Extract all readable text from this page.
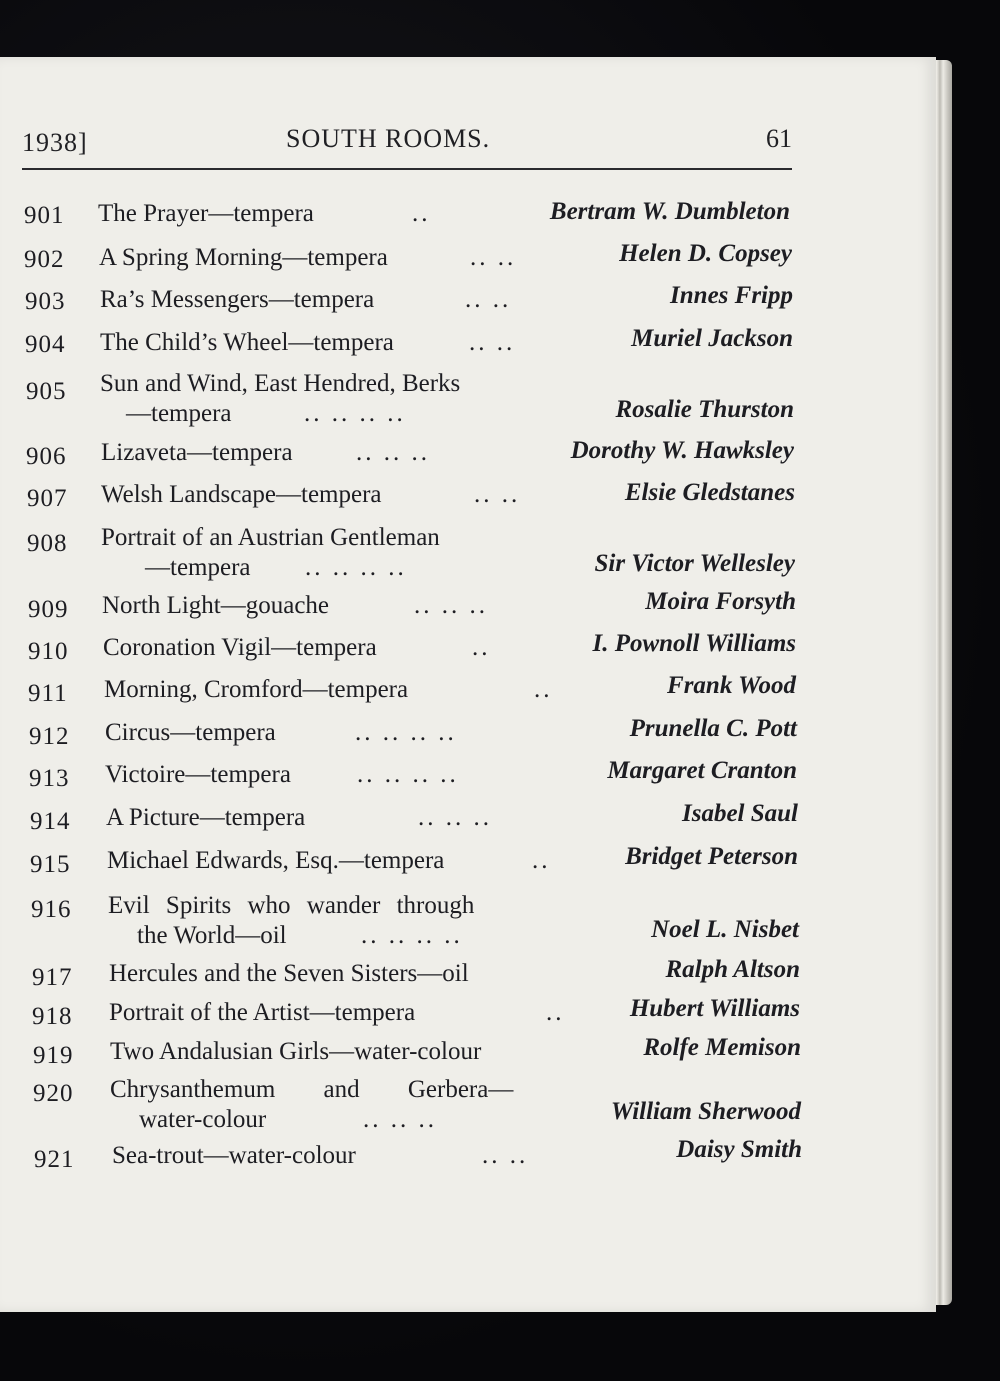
1938]	SOUTH ROOMS.	61
901 The Prayer—tempera	..	Bertram W. Dumbleton
902 A Spring Morning—tempera	.. ..	Helen D. Copsey
903 Ra’s Messengers—tempera	.. ..	Innes Fripp
904 The Child’s Wheel—tempera	.. ..	Muriel Jackson
905 Sun and Wind, East Hendred, Berks
—tempera	.. .. .. ..	Rosalie Thurston
906 Lizaveta—tempera	.. .. ..	Dorothy W. Hawksley
907 Welsh Landscape—tempera	.. ..	Elsie Gledstanes
908 Portrait of an Austrian Gentleman
—tempera .. .. .. ..	Sir Victor Wellesley
909 North Light—gouache	.. .. ..	Moira Forsyth
910 Coronation Vigil—tempera	..	I. Pownoll Williams
911 Morning, Cromford—tempera	..	Frank Wood
912 Circus—tempera	.. .. .. ..	Prunella C. Pott
913 Victoire—tempera	.. .. .. ..	Margaret Cranton
914 A Picture—tempera	.. .. ..	Isabel Saul
915 Michael Edwards, Esq.—tempera	..	Bridget Peterson
916 Evil Spirits who wander through
the World—oil	.. .. .. ..	Noel L. Nisbet
917 Hercules and the Seven Sisters—oil	Ralph Altson
918 Portrait of the Artist—tempera	..	Hubert Williams
919 Two Andalusian Girls—water-colour	Rolfe Memison
920 Chrysanthemum and Gerbera—
water-colour	.. .. ..	William Sherwood
921 Sea-trout—water-colour	.. ..	Daisy Smith
